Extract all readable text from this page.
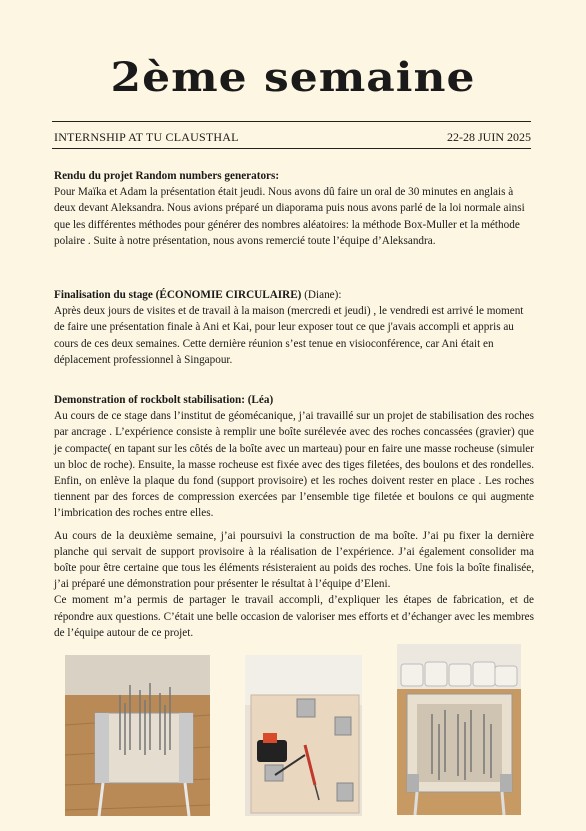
2ème semaine
INTERNSHIP AT TU CLAUSTHAL	22-28 JUIN 2025

Rendu du projet Random numbers generators:

Pour Maïka et Adam la présentation était jeudi. Nous avons dû faire un oral de 30 minutes en anglais à deux devant Aleksandra. Nous avions préparé un diaporama puis nous avons parlé de la loi normale ainsi que les différentes méthodes pour générer des nombres aléatoires: la méthode Box-Muller et la méthode polaire . Suite à notre présentation, nous avons remercié toute l’équipe d’Aleksandra.

Finalisation du stage (ÉCONOMIE CIRCULAIRE) (Diane):

Après deux jours de visites et de travail à la maison (mercredi et jeudi) , le vendredi est arrivé le moment de faire une présentation finale à Ani et Kai, pour leur exposer tout ce que j'avais accompli et appris au cours de ces deux semaines. Cette dernière réunion s’est tenue en visioconférence, car Ani était en déplacement professionnel à Singapour.

Demonstration of rockbolt stabilisation: (Léa)

Au cours de ce stage dans l’institut de géomécanique, j’ai travaillé sur un projet de stabilisation des roches par ancrage . L’expérience consiste à remplir une boîte surélevée avec des roches concassées (gravier) que je compacte( en tapant sur les côtés de la boîte avec un marteau) pour en faire une masse rocheuse (simuler un bloc de roche). Ensuite, la masse rocheuse est fixée avec des tiges filetées, des boulons et des rondelles. Enfin, on enlève la plaque du fond (support provisoire) et les roches doivent rester en place . Les roches tiennent par des forces de compression exercées par l’ensemble tige filetée et boulons ce qui augmente l’imbrication des roches entre elles.

Au cours de la deuxième semaine, j’ai poursuivi la construction de ma boîte. J’ai pu fixer la dernière planche qui servait de support provisoire à la réalisation de l’expérience. J’ai également consolider ma boîte pour être certaine que tous les éléments résisteraient au poids des roches. Une fois la boîte finalisée, j’ai préparé une démonstration pour présenter le résultat à l’équipe d’Eleni.

Ce moment m’a permis de partager le travail accompli, d’expliquer les étapes de fabrication, et de répondre aux questions. C’était une belle occasion de valoriser mes efforts et d’échanger avec les membres de l’équipe autour de ce projet.
